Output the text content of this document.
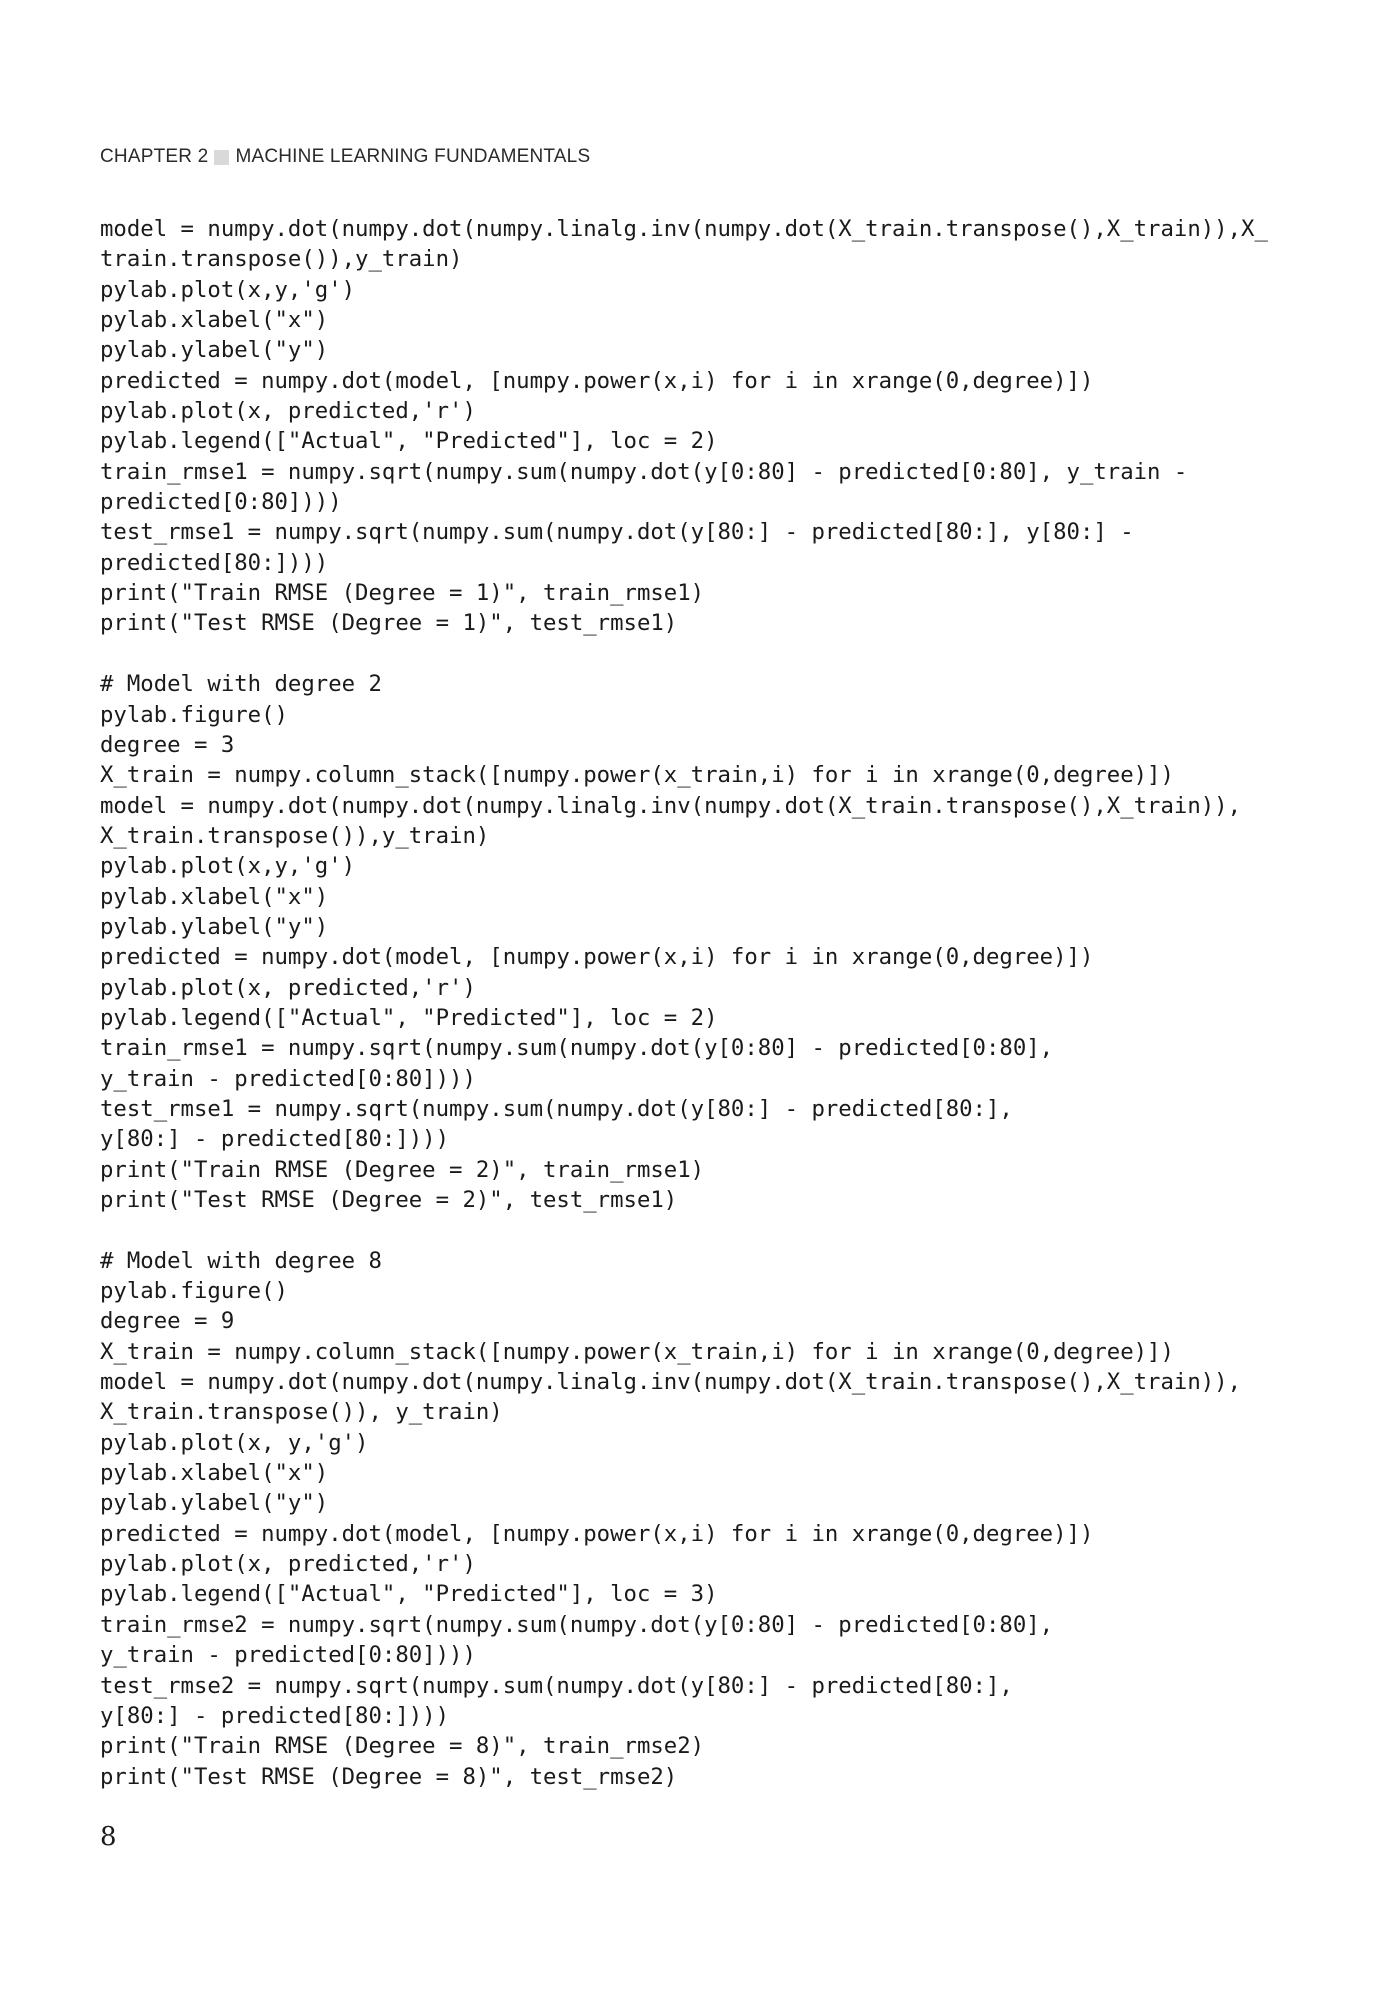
CHAPTER 2 MACHINE LEARNING FUNDAMENTALS
model = numpy.dot(numpy.dot(numpy.linalg.inv(numpy.dot(X_train.transpose(),X_train)),X_
train.transpose()),y_train)
pylab.plot(x,y,'g')
pylab.xlabel("x")
pylab.ylabel("y")
predicted = numpy.dot(model, [numpy.power(x,i) for i in xrange(0,degree)])
pylab.plot(x, predicted,'r')
pylab.legend(["Actual", "Predicted"], loc = 2)
train_rmse1 = numpy.sqrt(numpy.sum(numpy.dot(y[0:80] - predicted[0:80], y_train -
predicted[0:80])))
test_rmse1 = numpy.sqrt(numpy.sum(numpy.dot(y[80:] - predicted[80:], y[80:] -
predicted[80:])))
print("Train RMSE (Degree = 1)", train_rmse1)
print("Test RMSE (Degree = 1)", test_rmse1)
# Model with degree 2
pylab.figure()
degree = 3
X_train = numpy.column_stack([numpy.power(x_train,i) for i in xrange(0,degree)])
model = numpy.dot(numpy.dot(numpy.linalg.inv(numpy.dot(X_train.transpose(),X_train)),
X_train.transpose()),y_train)
pylab.plot(x,y,'g')
pylab.xlabel("x")
pylab.ylabel("y")
predicted = numpy.dot(model, [numpy.power(x,i) for i in xrange(0,degree)])
pylab.plot(x, predicted,'r')
pylab.legend(["Actual", "Predicted"], loc = 2)
train_rmse1 = numpy.sqrt(numpy.sum(numpy.dot(y[0:80] - predicted[0:80],
y_train - predicted[0:80])))
test_rmse1 = numpy.sqrt(numpy.sum(numpy.dot(y[80:] - predicted[80:],
y[80:] - predicted[80:])))
print("Train RMSE (Degree = 2)", train_rmse1)
print("Test RMSE (Degree = 2)", test_rmse1)
# Model with degree 8
pylab.figure()
degree = 9
X_train = numpy.column_stack([numpy.power(x_train,i) for i in xrange(0,degree)])
model = numpy.dot(numpy.dot(numpy.linalg.inv(numpy.dot(X_train.transpose(),X_train)),
X_train.transpose()), y_train)
pylab.plot(x, y,'g')
pylab.xlabel("x")
pylab.ylabel("y")
predicted = numpy.dot(model, [numpy.power(x,i) for i in xrange(0,degree)])
pylab.plot(x, predicted,'r')
pylab.legend(["Actual", "Predicted"], loc = 3)
train_rmse2 = numpy.sqrt(numpy.sum(numpy.dot(y[0:80] - predicted[0:80],
y_train - predicted[0:80])))
test_rmse2 = numpy.sqrt(numpy.sum(numpy.dot(y[80:] - predicted[80:],
y[80:] - predicted[80:])))
print("Train RMSE (Degree = 8)", train_rmse2)
print("Test RMSE (Degree = 8)", test_rmse2)
8
